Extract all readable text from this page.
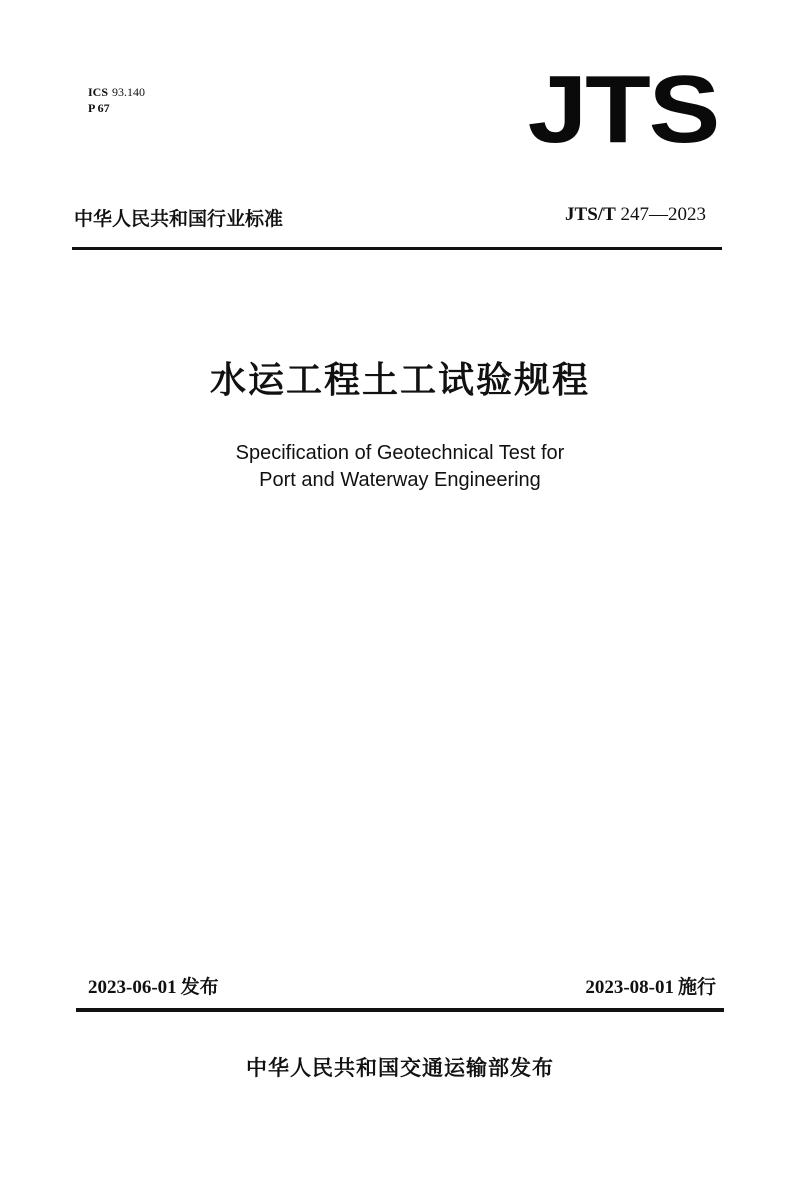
ICS 93.140
P 67	JTS
中华人民共和国行业标准	JTS/T 247—2023
水运工程土工试验规程
Specification of Geotechnical Test for
Port and Waterway Engineering
2023-06-01 发布	2023-08-01 施行
中华人民共和国交通运输部发布
